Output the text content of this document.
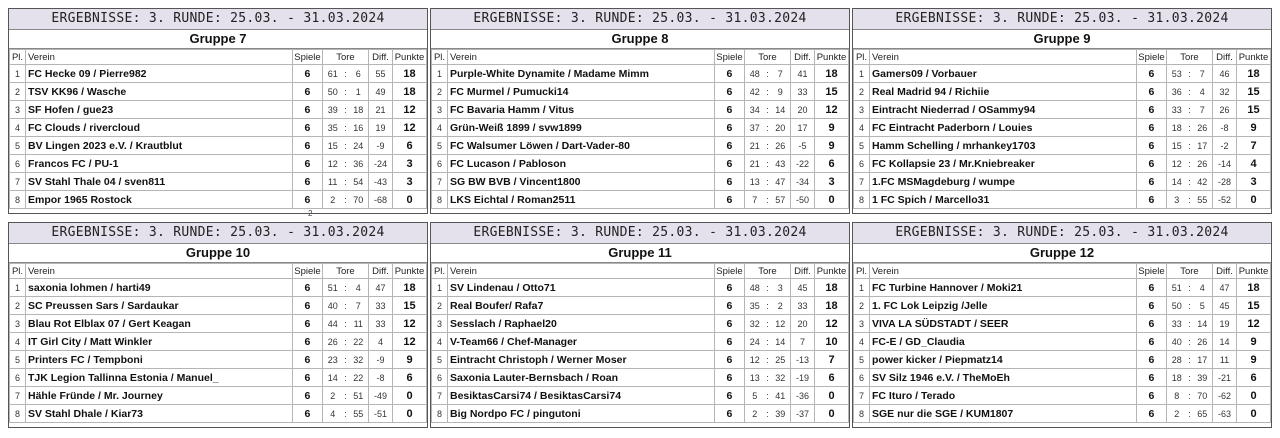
ERGEBNISSE: 3. RUNDE: 25.03. - 31.03.2024
Gruppe 7
Pl.	Verein	Spiele	Tore			Diff.	Punkte
1	FC Hecke 09 / Pierre982	6	61	:	6	55	18
2	TSV KK96 / Wasche	6	50	:	1	49	18
3	SF Hofen / gue23	6	39	:	18	21	12
4	FC Clouds / rivercloud	6	35	:	16	19	12
5	BV Lingen 2023 e.V. / Krautblut	6	15	:	24	-9	6
6	Francos FC / PU-1	6	12	:	36	-24	3
7	SV Stahl Thale 04 / sven811	6	11	:	54	-43	3
8	Empor 1965 Rostock	6	2	:	70	-68	0
ERGEBNISSE: 3. RUNDE: 25.03. - 31.03.2024
Gruppe 8
Pl.	Verein	Spiele	Tore			Diff.	Punkte
1	Purple-White Dynamite / Madame Mimm	6	48	:	7	41	18
2	FC Murmel / Pumucki14	6	42	:	9	33	15
3	FC Bavaria Hamm / Vitus	6	34	:	14	20	12
4	Grün-Weiß 1899 / svw1899	6	37	:	20	17	9
5	FC Walsumer Löwen / Dart-Vader-80	6	21	:	26	-5	9
6	FC Lucason / Pabloson	6	21	:	43	-22	6
7	SG BW BVB / Vincent1800	6	13	:	47	-34	3
8	LKS Eichtal / Roman2511	6	7	:	57	-50	0
ERGEBNISSE: 3. RUNDE: 25.03. - 31.03.2024
Gruppe 9
Pl.	Verein	Spiele	Tore			Diff.	Punkte
1	Gamers09 / Vorbauer	6	53	:	7	46	18
2	Real Madrid 94 / Richiie	6	36	:	4	32	15
3	Eintracht Niederrad / OSammy94	6	33	:	7	26	15
4	FC Eintracht Paderborn / Louies	6	18	:	26	-8	9
5	Hamm Schelling / mrhankey1703	6	15	:	17	-2	7
6	FC Kollapsie 23 / Mr.Kniebreaker	6	12	:	26	-14	4
7	1.FC MSMagdeburg / wumpe	6	14	:	42	-28	3
8	1 FC Spich / Marcello31	6	3	:	55	-52	0
ERGEBNISSE: 3. RUNDE: 25.03. - 31.03.2024
Gruppe 10
Pl.	Verein	Spiele	Tore			Diff.	Punkte
1	saxonia lohmen / harti49	6	51	:	4	47	18
2	SC Preussen Sars / Sardaukar	6	40	:	7	33	15
3	Blau Rot Elblax 07 / Gert Keagan	6	44	:	11	33	12
4	IT Girl City / Matt Winkler	6	26	:	22	4	12
5	Printers FC / Tempboni	6	23	:	32	-9	9
6	TJK Legion Tallinna Estonia / Manuel_	6	14	:	22	-8	6
7	Hähle Fründe / Mr. Journey	6	2	:	51	-49	0
8	SV Stahl Dhale / Kiar73	6	4	:	55	-51	0
ERGEBNISSE: 3. RUNDE: 25.03. - 31.03.2024
Gruppe 11
Pl.	Verein	Spiele	Tore			Diff.	Punkte
1	SV Lindenau / Otto71	6	48	:	3	45	18
2	Real Boufer/ Rafa7	6	35	:	2	33	18
3	Sesslach / Raphael20	6	32	:	12	20	12
4	V-Team66 / Chef-Manager	6	24	:	14	7	10
5	Eintracht Christoph / Werner Moser	6	12	:	25	-13	7
6	Saxonia Lauter-Bernsbach / Roan	6	13	:	32	-19	6
7	BesiktasCarsi74 / BesiktasCarsi74	6	5	:	41	-36	0
8	Big Nordpo FC / pingutoni	6	2	:	39	-37	0
ERGEBNISSE: 3. RUNDE: 25.03. - 31.03.2024
Gruppe 12
Pl.	Verein	Spiele	Tore			Diff.	Punkte
1	FC Turbine Hannover / Moki21	6	51	:	4	47	18
2	1. FC Lok Leipzig /Jelle	6	50	:	5	45	15
3	VIVA LA SÜDSTADT / SEER	6	33	:	14	19	12
4	FC-E / GD_Claudia	6	40	:	26	14	9
5	power kicker / Piepmatz14	6	28	:	17	11	9
6	SV Silz 1946 e.V. / TheMoEh	6	18	:	39	-21	6
7	FC Ituro / Terado	6	8	:	70	-62	0
8	SGE nur die SGE / KUM1807	6	2	:	65	-63	0
2
